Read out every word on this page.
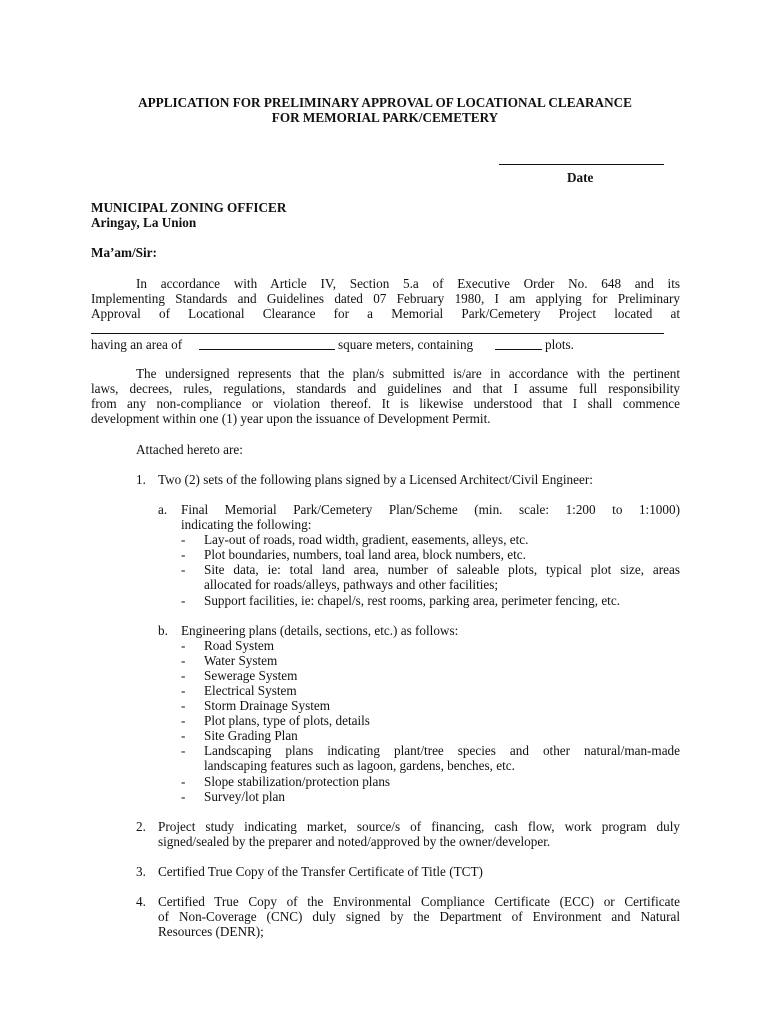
APPLICATION FOR PRELIMINARY APPROVAL OF LOCATIONAL CLEARANCE
FOR MEMORIAL PARK/CEMETERY
Date
MUNICIPAL ZONING OFFICER
Aringay, La Union
Ma’am/Sir:
In accordance with Article IV, Section 5.a of Executive Order No. 648 and its
Implementing Standards and Guidelines dated 07 February 1980, I am applying for Preliminary
Approval of Locational Clearance for a Memorial Park/Cemetery Project located at
having an area of	square meters, containing	plots.
The undersigned represents that the plan/s submitted is/are in accordance with the pertinent
laws, decrees, rules, regulations, standards and guidelines and that I assume full responsibility
from any non-compliance or violation thereof. It is likewise understood that I shall commence
development within one (1) year upon the issuance of Development Permit.
Attached hereto are:
1. Two (2) sets of the following plans signed by a Licensed Architect/Civil Engineer:
a. Final Memorial Park/Cemetery Plan/Scheme (min. scale: 1:200 to 1:1000)
indicating the following:
- Lay-out of roads, road width, gradient, easements, alleys, etc.
- Plot boundaries, numbers, toal land area, block numbers, etc.
- Site data, ie: total land area, number of saleable plots, typical plot size, areas
allocated for roads/alleys, pathways and other facilities;
- Support facilities, ie: chapel/s, rest rooms, parking area, perimeter fencing, etc.
b. Engineering plans (details, sections, etc.) as follows:
- Road System
- Water System
- Sewerage System
- Electrical System
- Storm Drainage System
- Plot plans, type of plots, details
- Site Grading Plan
- Landscaping plans indicating plant/tree species and other natural/man-made
landscaping features such as lagoon, gardens, benches, etc.
- Slope stabilization/protection plans
- Survey/lot plan
2. Project study indicating market, source/s of financing, cash flow, work program duly
signed/sealed by the preparer and noted/approved by the owner/developer.
3. Certified True Copy of the Transfer Certificate of Title (TCT)
4. Certified True Copy of the Environmental Compliance Certificate (ECC) or Certificate
of Non-Coverage (CNC) duly signed by the Department of Environment and Natural
Resources (DENR);
